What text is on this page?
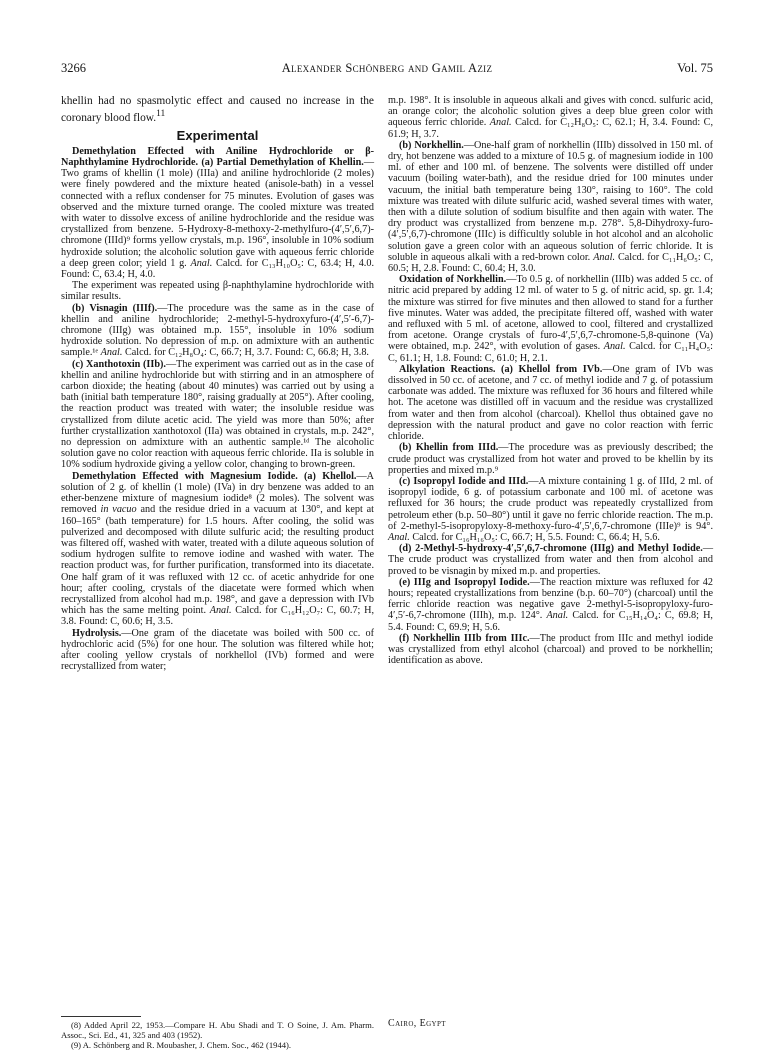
3266	Alexander Schönberg and Gamil Aziz	Vol. 75

khellin had no spasmolytic effect and caused no increase in the coronary blood flow.$^{11}$

Experimental

Demethylation Effected with Aniline Hydrochloride or β-Naphthylamine Hydrochloride. (a) Partial Demethylation of Khellin.—Two grams of khellin (1 mole) (IIIa) and aniline hydrochloride (2 moles) were finely powdered and the mixture heated (anisole-bath) in a vessel connected with a reflux condenser for 75 minutes. Evolution of gases was observed and the mixture turned orange. The cooled mixture was treated with water to dissolve excess of aniline hydrochloride and the residue was crystallized from benzene. 5-Hydroxy-8-methoxy-2-methylfuro-(4′,5′,6,7)-chromone (IIId)⁹ forms yellow crystals, m.p. 196°, insoluble in 10% sodium hydroxide solution; the alcoholic solution gave with aqueous ferric chloride a deep green color; yield 1 g. Anal. Calcd. for C₁₃H₁₀O₅: C, 63.4; H, 4.0. Found: C, 63.4; H, 4.0.

The experiment was repeated using β-naphthylamine hydrochloride with similar results.

(b) Visnagin (IIIf).—The procedure was the same as in the case of khellin and aniline hydrochloride; 2-methyl-5-hydroxyfuro-(4′,5′-6,7)-chromone (IIIg) was obtained m.p. 155°, insoluble in 10% sodium hydroxide solution. No depression of m.p. on admixture with an authentic sample.¹ᵉ Anal. Calcd. for C₁₂H₈O₄: C, 66.7; H, 3.7. Found: C, 66.8; H, 3.8.

(c) Xanthotoxin (IIb).—The experiment was carried out as in the case of khellin and aniline hydrochloride but with stirring and in an atmosphere of carbon dioxide; the heating (about 40 minutes) was carried out by using a bath (initial bath temperature 180°, raising gradually at 205°). After cooling, the reaction product was treated with water; the insoluble residue was crystallized from dilute acetic acid. The yield was more than 50%; after further crystallization xanthotoxol (IIa) was obtained in crystals, m.p. 242°, no depression on admixture with an authentic sample.¹ᵈ The alcoholic solution gave no color reaction with aqueous ferric chloride. IIa is soluble in 10% sodium hydroxide giving a yellow color, changing to brown-green.

Demethylation Effected with Magnesium Iodide. (a) Khellol.—A solution of 2 g. of khellin (1 mole) (IVa) in dry benzene was added to an ether-benzene mixture of magnesium iodide⁸ (2 moles). The solvent was removed in vacuo and the residue dried in a vacuum at 130°, and kept at 160–165° (bath temperature) for 1.5 hours. After cooling, the solid was pulverized and decomposed with dilute sulfuric acid; the resulting product was filtered off, washed with water, treated with a dilute aqueous solution of sodium hydrogen sulfite to remove iodine and washed with water. The reaction product was, for further purification, transformed into its diacetate. One half gram of it was refluxed with 12 cc. of acetic anhydride for one hour; after cooling, crystals of the diacetate were formed which when recrystallized from alcohol had m.p. 198°, and gave a depression with IVb which has the same melting point. Anal. Calcd. for C₁₆H₁₂O₇: C, 60.7; H, 3.8. Found: C, 60.6; H, 3.5.

Hydrolysis.—One gram of the diacetate was boiled with 500 cc. of hydrochloric acid (5%) for one hour. The solution was filtered while hot; after cooling yellow crystals of norkhellol (IVb) formed and were recrystallized from water;

m.p. 198°. It is insoluble in aqueous alkali and gives with concd. sulfuric acid, an orange color; the alcoholic solution gives a deep blue green color with aqueous ferric chloride. Anal. Calcd. for C₁₂H₈O₅: C, 62.1; H, 3.4. Found: C, 61.9; H, 3.7.

(b) Norkhellin.—One-half gram of norkhellin (IIIb) dissolved in 150 ml. of dry, hot benzene was added to a mixture of 10.5 g. of magnesium iodide in 100 ml. of ether and 100 ml. of benzene. The solvents were distilled off under vacuum (boiling water-bath), and the residue dried for 100 minutes under vacuum, the initial bath temperature being 130°, raising to 160°. The cold mixture was treated with dilute sulfuric acid, washed several times with water, then with a dilute solution of sodium bisulfite and then again with water. The dry product was crystallized from benzene m.p. 278°. 5,8-Dihydroxy-furo-(4′,5′,6,7)-chromone (IIIc) is difficultly soluble in hot alcohol and an alcoholic solution gave a green color with an aqueous solution of ferric chloride. It is soluble in aqueous alkali with a red-brown color. Anal. Calcd. for C₁₁H₆O₅: C, 60.5; H, 2.8. Found: C, 60.4; H, 3.0.

Oxidation of Norkhellin.—To 0.5 g. of norkhellin (IIIb) was added 5 cc. of nitric acid prepared by adding 12 ml. of water to 5 g. of nitric acid, sp. gr. 1.4; the mixture was stirred for five minutes and then allowed to stand for a further five minutes. Water was added, the precipitate filtered off, washed with water and refluxed with 5 ml. of acetone, allowed to cool, filtered and crystallized from acetone. Orange crystals of furo-4′,5′,6,7-chromone-5,8-quinone (Va) were obtained, m.p. 242°, with evolution of gases. Anal. Calcd. for C₁₁H₄O₅: C, 61.1; H, 1.8. Found: C, 61.0; H, 2.1.

Alkylation Reactions. (a) Khellol from IVb.—One gram of IVb was dissolved in 50 cc. of acetone, and 7 cc. of methyl iodide and 7 g. of potassium carbonate was added. The mixture was refluxed for 36 hours and filtered while hot. The acetone was distilled off in vacuum and the residue was crystallized from water and then from alcohol (charcoal). Khellol thus obtained gave no depression with the natural product and gave no color reaction with ferric chloride.

(b) Khellin from IIId.—The procedure was as previously described; the crude product was crystallized from hot water and proved to be khellin by its properties and mixed m.p.⁹

(c) Isopropyl Iodide and IIId.—A mixture containing 1 g. of IIId, 2 ml. of isopropyl iodide, 6 g. of potassium carbonate and 100 ml. of acetone was refluxed for 36 hours; the crude product was repeatedly crystallized from petroleum ether (b.p. 50–80°) until it gave no ferric chloride reaction. The m.p. of 2-methyl-5-isopropyloxy-8-methoxy-furo-4′,5′,6,7-chromone (IIIe)⁹ is 94°. Anal. Calcd. for C₁₆H₁₆O₅: C, 66.7; H, 5.5. Found: C, 66.4; H, 5.6.

(d) 2-Methyl-5-hydroxy-4′,5′,6,7-chromone (IIIg) and Methyl Iodide.—The crude product was crystallized from water and then from alcohol and proved to be visnagin by mixed m.p. and properties.

(e) IIIg and Isopropyl Iodide.—The reaction mixture was refluxed for 42 hours; repeated crystallizations from benzine (b.p. 60–70°) (charcoal) until the ferric chloride reaction was negative gave 2-methyl-5-isopropyloxy-furo-4′,5′-6,7-chromone (IIIh), m.p. 124°. Anal. Calcd. for C₁₅H₁₄O₄: C, 69.8; H, 5.4. Found: C, 69.9; H, 5.6.

(f) Norkhellin IIIb from IIIc.—The product from IIIc and methyl iodide was crystallized from ethyl alcohol (charcoal) and proved to be norkhellin; identification as above.

(8) Added April 22, 1953.—Compare H. Abu Shadi and T. O Soine, J. Am. Pharm. Assoc., Sci. Ed., 41, 325 and 403 (1952).

(9) A. Schönberg and R. Moubasher, J. Chem. Soc., 462 (1944).

Cairo, Egypt
